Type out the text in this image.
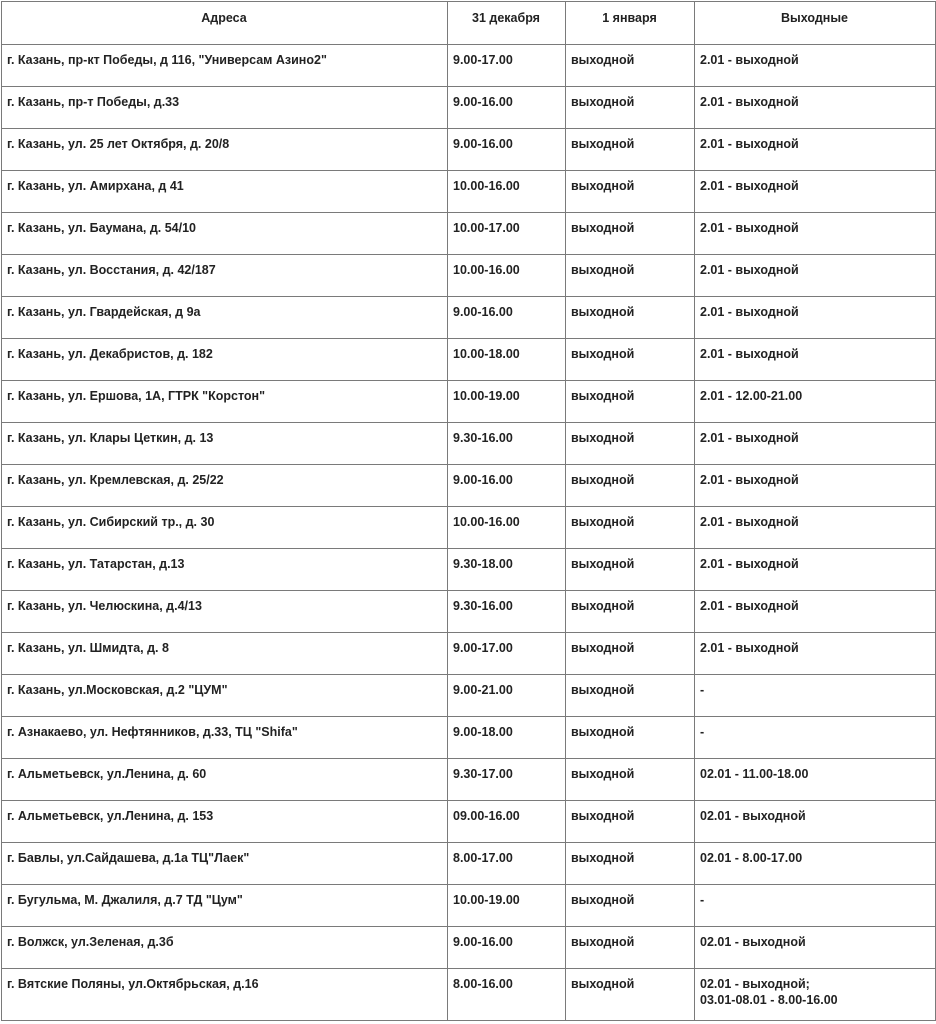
Адреса	31 декабря	1 января	Выходные
г. Казань, пр-кт Победы, д 116, "Универсам Азино2"	9.00-17.00	выходной	2.01 - выходной

г. Казань, пр-т Победы, д.33	9.00-16.00	выходной	2.01 - выходной

г. Казань, ул. 25 лет Октября, д. 20/8	9.00-16.00	выходной	2.01 - выходной

г. Казань, ул. Амирхана, д 41	10.00-16.00	выходной	2.01 - выходной

г. Казань, ул. Баумана, д. 54/10	10.00-17.00	выходной	2.01 - выходной

г. Казань, ул. Восстания, д. 42/187	10.00-16.00	выходной	2.01 - выходной

г. Казань, ул. Гвардейская, д 9а	9.00-16.00	выходной	2.01 - выходной

г. Казань, ул. Декабристов, д. 182	10.00-18.00	выходной	2.01 - выходной

г. Казань, ул. Ершова, 1А, ГТРК "Корстон"	10.00-19.00	выходной	2.01 - 12.00-21.00

г. Казань, ул. Клары Цеткин, д. 13	9.30-16.00	выходной	2.01 - выходной

г. Казань, ул. Кремлевская, д. 25/22	9.00-16.00	выходной	2.01 - выходной

г. Казань, ул. Сибирский тр., д. 30	10.00-16.00	выходной	2.01 - выходной

г. Казань, ул. Татарстан, д.13	9.30-18.00	выходной	2.01 - выходной

г. Казань, ул. Челюскина, д.4/13	9.30-16.00	выходной	2.01 - выходной

г. Казань, ул. Шмидта, д. 8	9.00-17.00	выходной	2.01 - выходной

г. Казань, ул.Московская, д.2 "ЦУМ"	9.00-21.00	выходной	-

г. Азнакаево, ул. Нефтянников, д.33, ТЦ "Shifa"	9.00-18.00	выходной	-

г. Альметьевск, ул.Ленина, д. 60	9.30-17.00	выходной	02.01 - 11.00-18.00

г. Альметьевск, ул.Ленина, д. 153	09.00-16.00	выходной	02.01 - выходной

г. Бавлы, ул.Сайдашева, д.1а ТЦ"Лаек"	8.00-17.00	выходной	02.01 - 8.00-17.00

г. Бугульма, М. Джалиля, д.7 ТД "Цум"	10.00-19.00	выходной	-

г. Волжск, ул.Зеленая, д.3б	9.00-16.00	выходной	02.01 - выходной

г. Вятские Поляны, ул.Октябрьская, д.16	8.00-16.00	выходной	02.01 - выходной;
03.01-08.01 - 8.00-16.00
